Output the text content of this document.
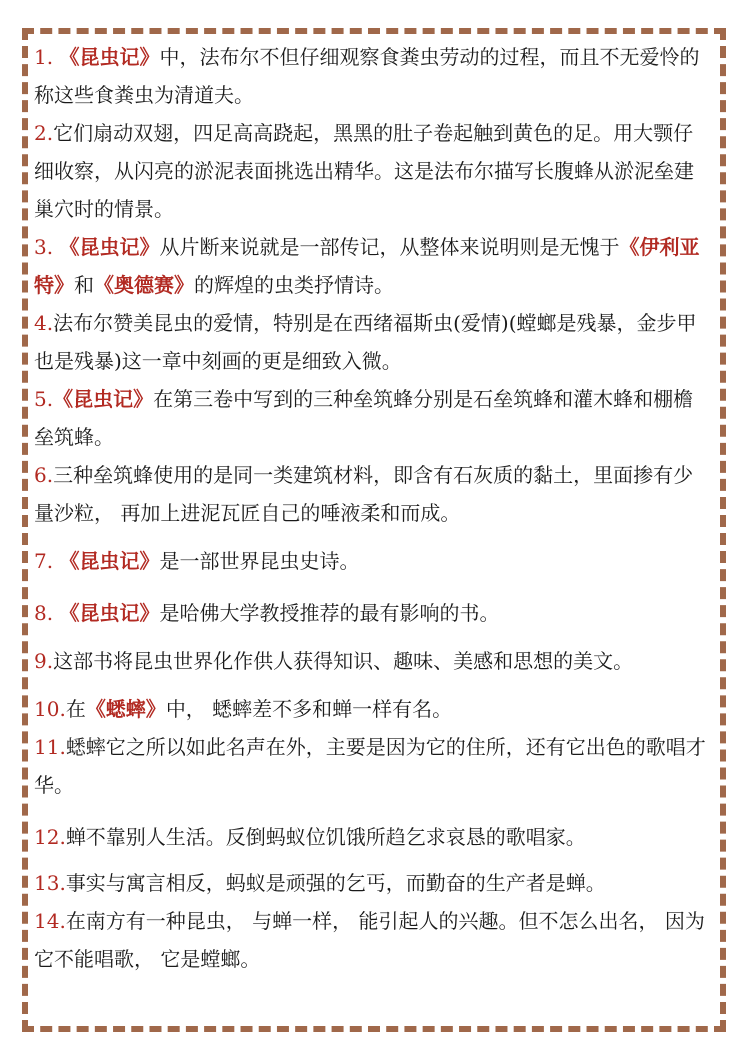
1. 《昆虫记》中，法布尔不但仔细观察食粪虫劳动的过程，而且不无爱怜的称这些食粪虫为清道夫。

2.它们扇动双翅，四足高高跷起，黑黑的肚子卷起触到黄色的足。用大颚仔细收察，从闪亮的淤泥表面挑选出精华。这是法布尔描写长腹蜂从淤泥垒建巢穴时的情景。

3. 《昆虫记》从片断来说就是一部传记，从整体来说明则是无愧于《伊利亚特》和《奥德赛》的辉煌的虫类抒情诗。

4.法布尔赞美昆虫的爱情，特别是在西绪福斯虫(爱情)(螳螂是残暴，金步甲也是残暴)这一章中刻画的更是细致入微。

5.《昆虫记》在第三卷中写到的三种垒筑蜂分别是石垒筑蜂和灌木蜂和棚檐垒筑蜂。

6.三种垒筑蜂使用的是同一类建筑材料，即含有石灰质的黏土，里面掺有少量沙粒， 再加上进泥瓦匠自己的唾液柔和而成。

7. 《昆虫记》是一部世界昆虫史诗。

8. 《昆虫记》是哈佛大学教授推荐的最有影响的书。

9.这部书将昆虫世界化作供人获得知识、趣味、美感和思想的美文。

10.在《蟋蟀》中， 蟋蟀差不多和蝉一样有名。

11.蟋蟀它之所以如此名声在外，主要是因为它的住所，还有它出色的歌唱才华。

12.蝉不靠别人生活。反倒蚂蚁位饥饿所趋乞求哀恳的歌唱家。

13.事实与寓言相反，蚂蚁是顽强的乞丐，而勤奋的生产者是蝉。

14.在南方有一种昆虫， 与蝉一样， 能引起人的兴趣。但不怎么出名， 因为它不能唱歌， 它是螳螂。
